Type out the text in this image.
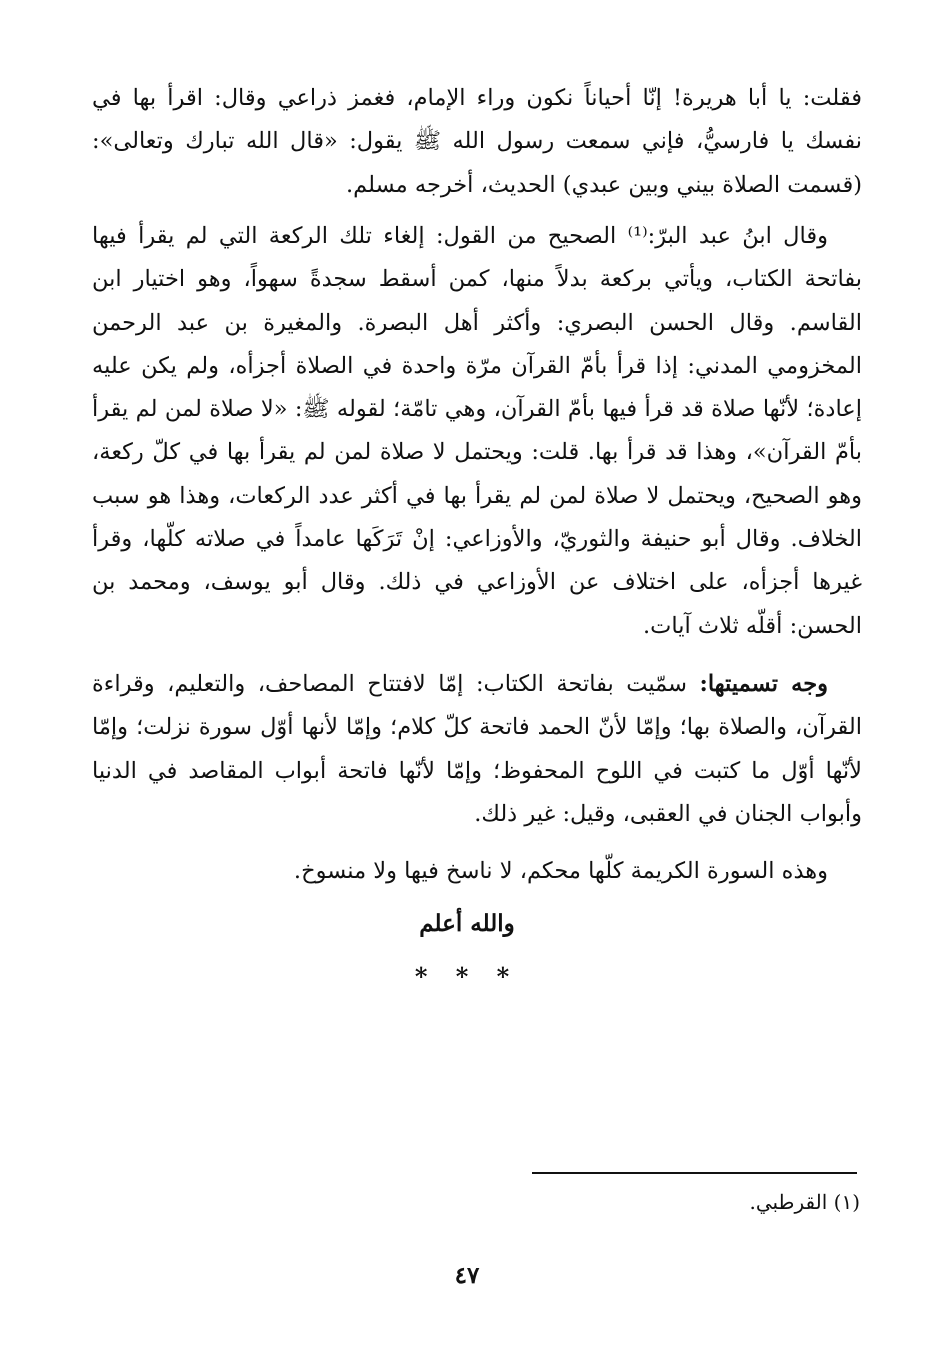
فقلت: يا أبا هريرة! إنّا أحياناً نكون وراء الإمام، فغمز ذراعي وقال: اقرأ بها في نفسك يا فارسيُّ، فإني سمعت رسول الله ﷺ يقول: «قال الله تبارك وتعالى»: (قسمت الصلاة بيني وبين عبدي) الحديث، أخرجه مسلم.

وقال ابنُ عبد البرّ:⁽¹⁾ الصحيح من القول: إلغاء تلك الركعة التي لم يقرأ فيها بفاتحة الكتاب، ويأتي بركعة بدلاً منها، كمن أسقط سجدةً سهواً، وهو اختيار ابن القاسم. وقال الحسن البصري: وأكثر أهل البصرة. والمغيرة بن عبد الرحمن المخزومي المدني: إذا قرأ بأمّ القرآن مرّة واحدة في الصلاة أجزأه، ولم يكن عليه إعادة؛ لأنّها صلاة قد قرأ فيها بأمّ القرآن، وهي تامّة؛ لقوله ﷺ: «لا صلاة لمن لم يقرأ بأمّ القرآن»، وهذا قد قرأ بها. قلت: ويحتمل لا صلاة لمن لم يقرأ بها في كلّ ركعة، وهو الصحيح، ويحتمل لا صلاة لمن لم يقرأ بها في أكثر عدد الركعات، وهذا هو سبب الخلاف. وقال أبو حنيفة والثوريّ، والأوزاعي: إنْ تَرَكَها عامداً في صلاته كلّها، وقرأ غيرها أجزأه، على اختلاف عن الأوزاعي في ذلك. وقال أبو يوسف، ومحمد بن الحسن: أقلّه ثلاث آيات.

وجه تسميتها: سمّيت بفاتحة الكتاب: إمّا لافتتاح المصاحف، والتعليم، وقراءة القرآن، والصلاة بها؛ وإمّا لأنّ الحمد فاتحة كلّ كلام؛ وإمّا لأنها أوّل سورة نزلت؛ وإمّا لأنّها أوّل ما كتبت في اللوح المحفوظ؛ وإمّا لأنّها فاتحة أبواب المقاصد في الدنيا وأبواب الجنان في العقبى، وقيل: غير ذلك.

وهذه السورة الكريمة كلّها محكم، لا ناسخ فيها ولا منسوخ.

والله أعلم

* * *

(١) القرطبي.

٤٧
